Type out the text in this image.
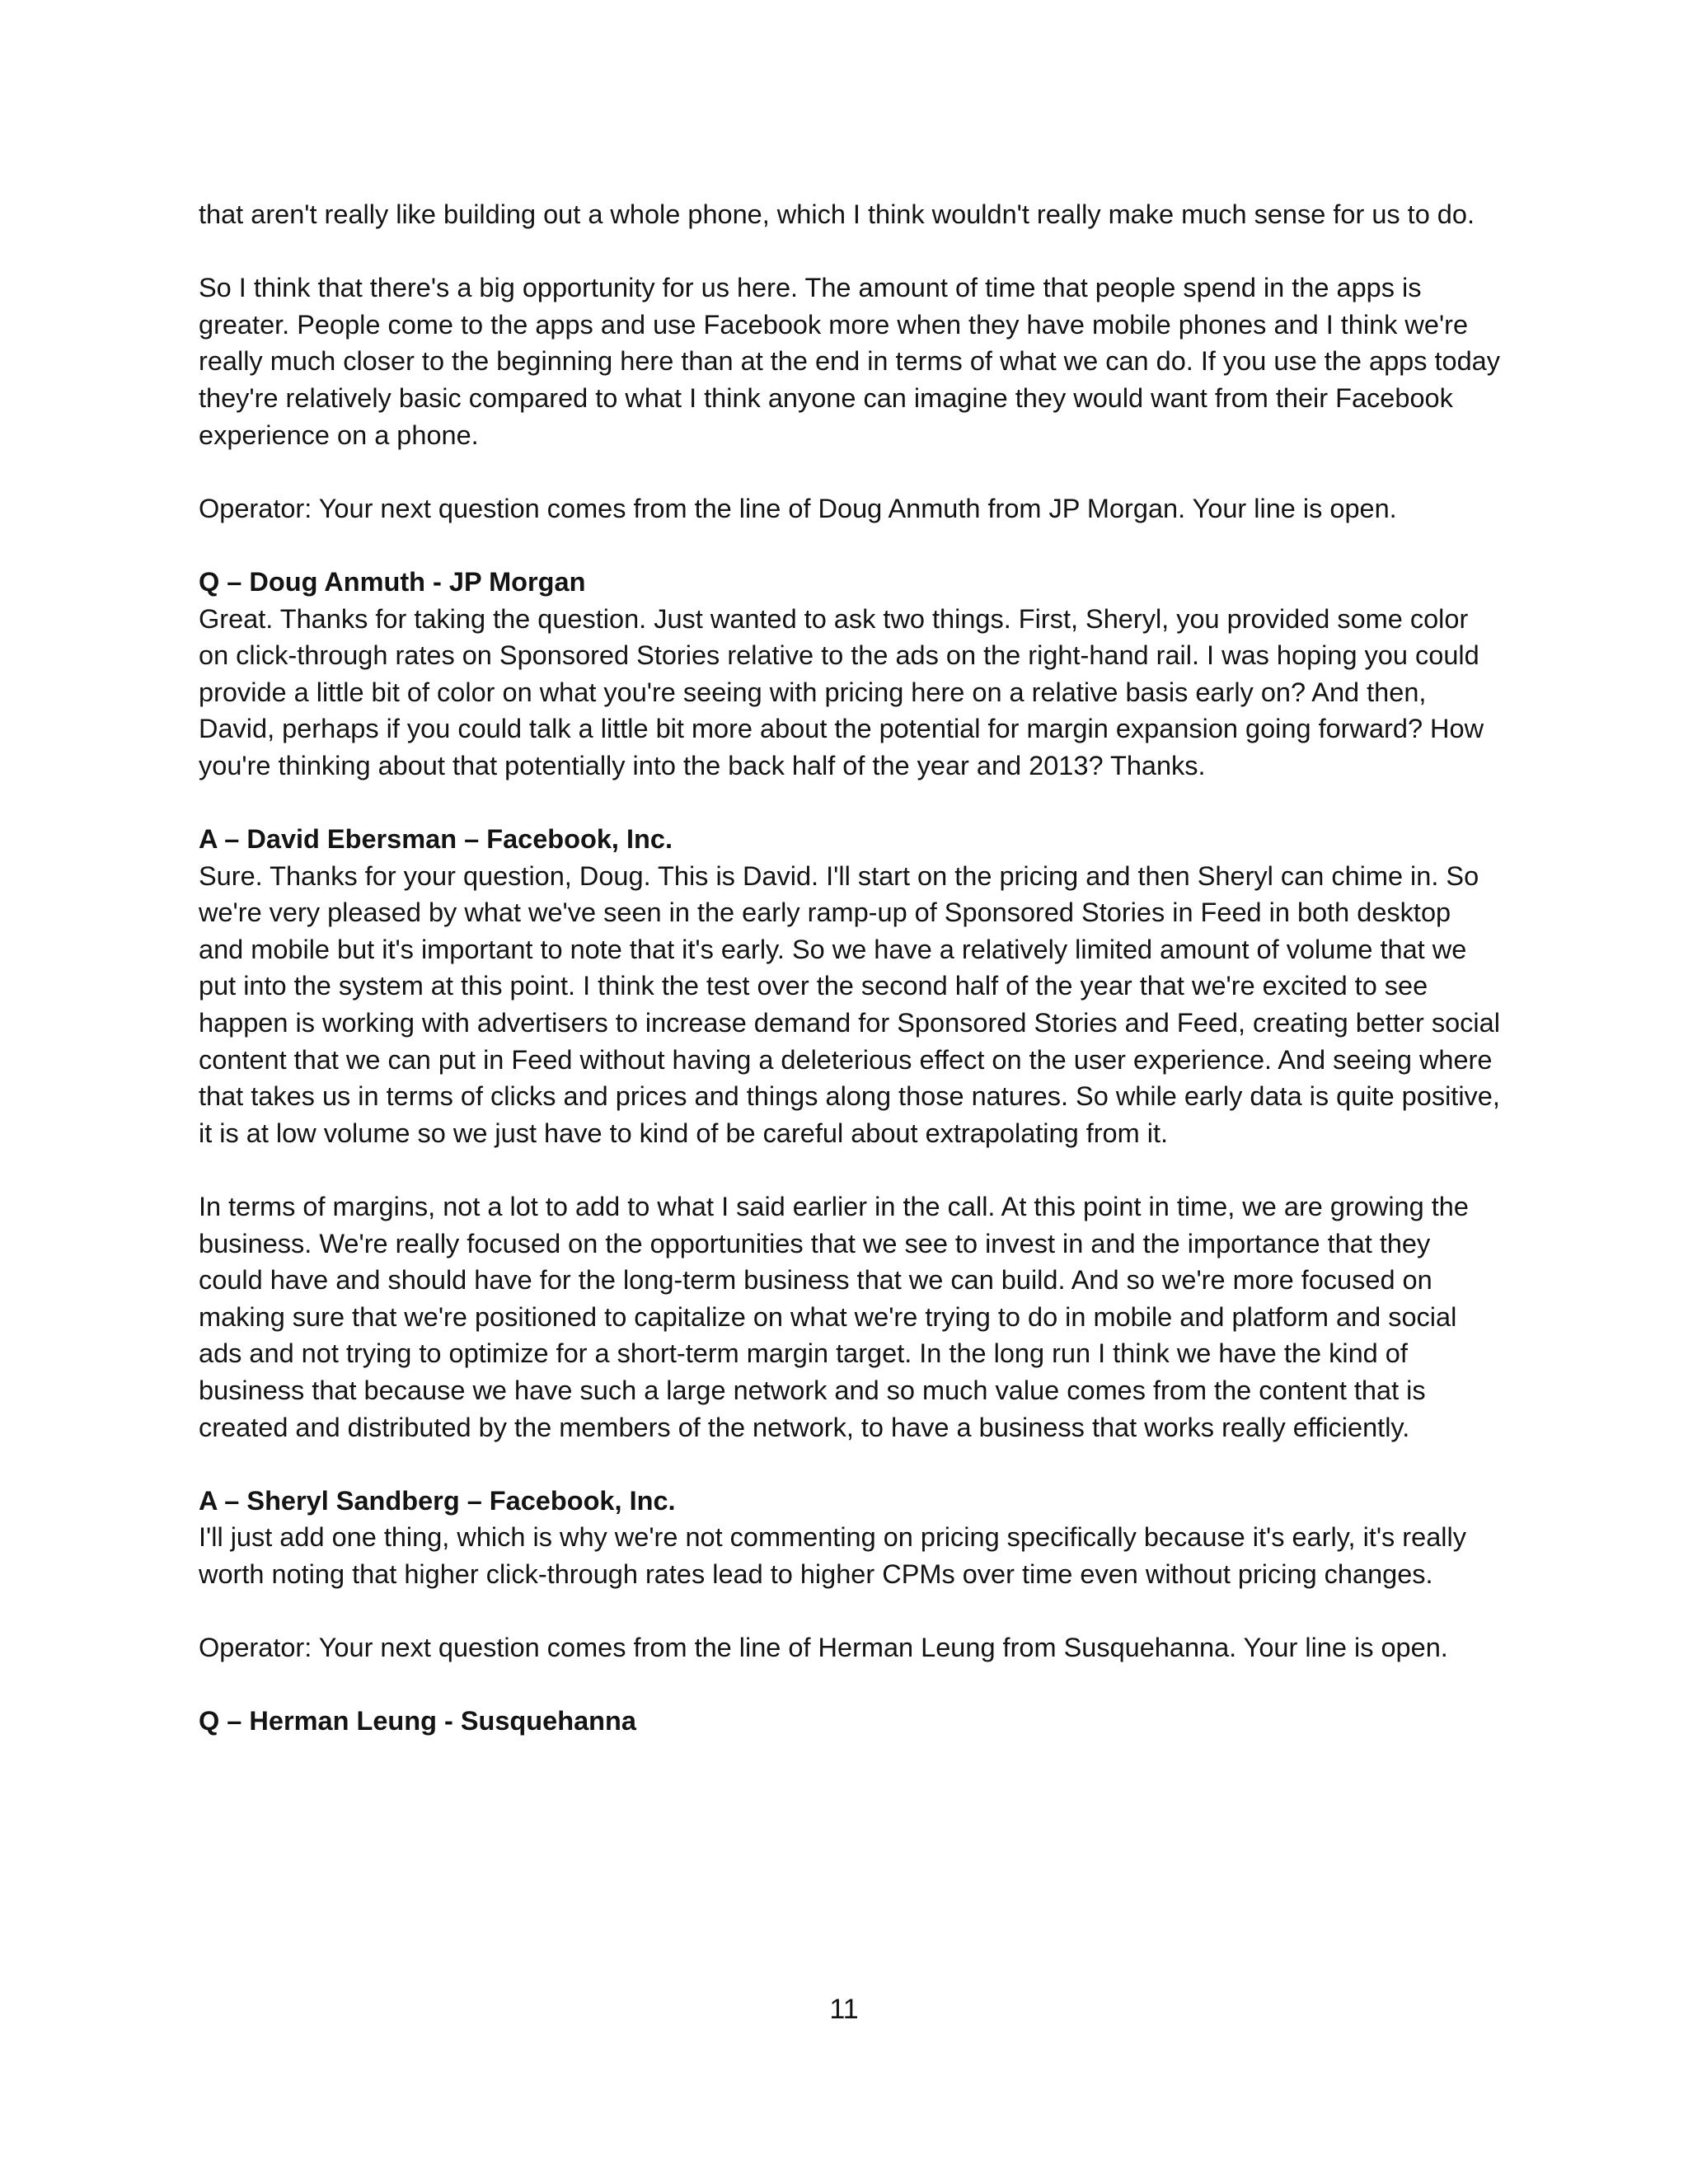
that aren't really like building out a whole phone, which I think wouldn't really make much sense for us to do.

So I think that there's a big opportunity for us here. The amount of time that people spend in the apps is greater. People come to the apps and use Facebook more when they have mobile phones and I think we're really much closer to the beginning here than at the end in terms of what we can do. If you use the apps today they're relatively basic compared to what I think anyone can imagine they would want from their Facebook experience on a phone.

Operator: Your next question comes from the line of Doug Anmuth from JP Morgan. Your line is open.

Q – Doug Anmuth - JP Morgan

Great. Thanks for taking the question. Just wanted to ask two things. First, Sheryl, you provided some color on click-through rates on Sponsored Stories relative to the ads on the right-hand rail. I was hoping you could provide a little bit of color on what you're seeing with pricing here on a relative basis early on? And then, David, perhaps if you could talk a little bit more about the potential for margin expansion going forward? How you're thinking about that potentially into the back half of the year and 2013? Thanks.

A – David Ebersman – Facebook, Inc.

Sure. Thanks for your question, Doug. This is David. I'll start on the pricing and then Sheryl can chime in. So we're very pleased by what we've seen in the early ramp-up of Sponsored Stories in Feed in both desktop and mobile but it's important to note that it's early. So we have a relatively limited amount of volume that we put into the system at this point. I think the test over the second half of the year that we're excited to see happen is working with advertisers to increase demand for Sponsored Stories and Feed, creating better social content that we can put in Feed without having a deleterious effect on the user experience. And seeing where that takes us in terms of clicks and prices and things along those natures. So while early data is quite positive, it is at low volume so we just have to kind of be careful about extrapolating from it.

In terms of margins, not a lot to add to what I said earlier in the call. At this point in time, we are growing the business. We're really focused on the opportunities that we see to invest in and the importance that they could have and should have for the long-term business that we can build. And so we're more focused on making sure that we're positioned to capitalize on what we're trying to do in mobile and platform and social ads and not trying to optimize for a short-term margin target. In the long run I think we have the kind of business that because we have such a large network and so much value comes from the content that is created and distributed by the members of the network, to have a business that works really efficiently.

A – Sheryl Sandberg – Facebook, Inc.

I'll just add one thing, which is why we're not commenting on pricing specifically because it's early, it's really worth noting that higher click-through rates lead to higher CPMs over time even without pricing changes.

Operator: Your next question comes from the line of Herman Leung from Susquehanna. Your line is open.

Q – Herman Leung - Susquehanna
11
